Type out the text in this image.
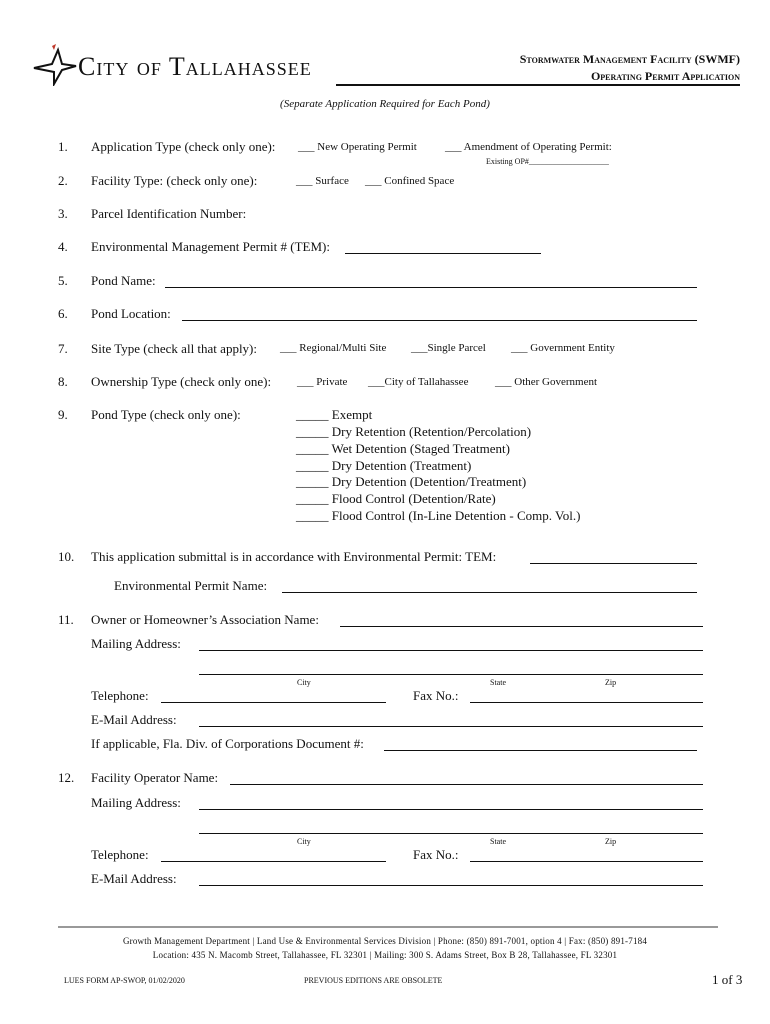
City of Tallahassee	Stormwater Management Facility (SWMF)
Operating Permit Application
(Separate Application Required for Each Pond)
1. Application Type (check only one): ___ New Operating Permit	___ Amendment of Operating Permit:
Existing OP#____________________
2. Facility Type: (check only one):	___ Surface ___ Confined Space
3. Parcel Identification Number:
4. Environmental Management Permit # (TEM):
5. Pond Name:
6. Pond Location:
7. Site Type (check all that apply): ___ Regional/Multi Site ___Single Parcel ___ Government Entity
8. Ownership Type (check only one): ___ Private ___City of Tallahassee ___ Other Government
9. Pond Type (check only one):	_____ Exempt
_____ Dry Retention (Retention/Percolation)
_____ Wet Detention (Staged Treatment)
_____ Dry Detention (Treatment)
_____ Dry Detention (Detention/Treatment)
_____ Flood Control (Detention/Rate)
_____ Flood Control (In-Line Detention - Comp. Vol.)
10. This application submittal is in accordance with Environmental Permit: TEM:
Environmental Permit Name:
11. Owner or Homeowner’s Association Name:
Mailing Address:
City	State	Zip
Telephone:	Fax No.:
E-Mail Address:
If applicable, Fla. Div. of Corporations Document #:
12. Facility Operator Name:
Mailing Address:
City	State	Zip
Telephone:	Fax No.:
E-Mail Address:
Growth Management Department | Land Use & Environmental Services Division | Phone: (850) 891-7001, option 4 | Fax: (850) 891-7184
Location: 435 N. Macomb Street, Tallahassee, FL 32301 | Mailing: 300 S. Adams Street, Box B 28, Tallahassee, FL 32301
LUES FORM AP-SWOP, 01/02/2020	PREVIOUS EDITIONS ARE OBSOLETE	1 of 3
